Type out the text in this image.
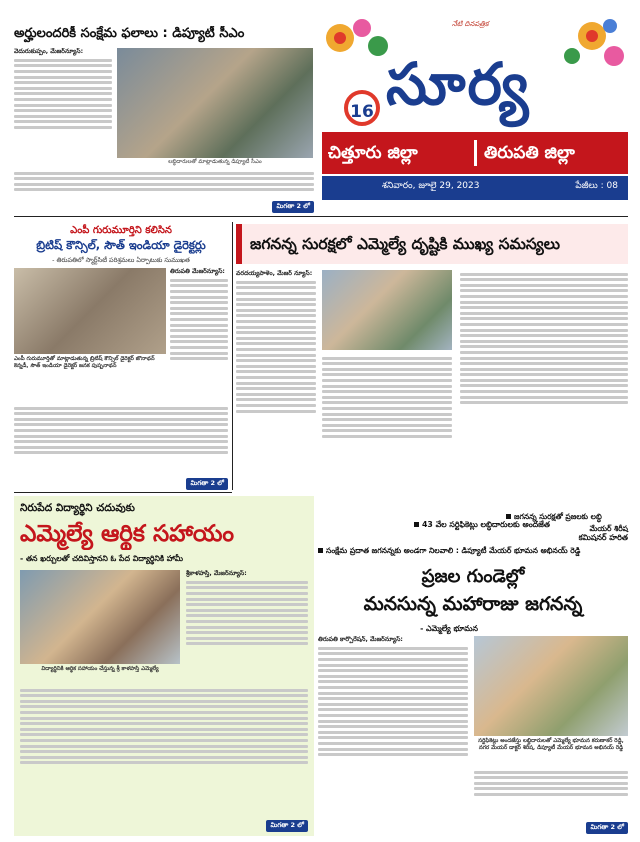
అర్హులందరికీ సంక్షేమ ఫలాలు : డిప్యూటీ సీఎం
వెదురుకుప్పం, మేజర్‌న్యూస్‌:
లబ్ధిదారులతో మాట్లాడుతున్న డిప్యూటీ సీఎం
మిగతా 2 లో
నేటి దినపత్రిక
16 సూర్య
చిత్తూరు జిల్లా	తిరుపతి జిల్లా
శనివారం, జూలై 29, 2023	పేజీలు : 08
ఎంపీ గురుమూర్తిని కలిసిన
బ్రిటిష్ కౌన్సిల్, సౌత్ ఇండియా డైరెక్టర్లు
- తిరుపతిలో స్మార్ట్‌సిటీ పరిశ్రమలు ఏర్పాటుకు సుముఖత
తిరుపతి మేజర్‌న్యూస్‌:
ఎంపీ గురుమూర్తితో మాట్లాడుతున్న బ్రిటిష్ కౌన్సిల్ డైరెక్టర్ జొనాథన్ కెన్నడీ, సౌత్ ఇండియా డైరెక్టర్ జనక పుష్పనాథన్
మిగతా 2 లో
జగనన్న సురక్షలో ఎమ్మెల్యే దృష్టికి ముఖ్య సమస్యలు
వరదయ్యపాళెం, మేజర్ న్యూస్:
జగనన్న సురక్షతో ప్రజలకు లబ్ధి
మేయర్ శిరీష
43 వేల సర్టిఫికెట్లు లబ్ధిదారులకు అందజేత
కమిషనర్ హరిత
నిరుపేద విద్యార్థిని చదువుకు
ఎమ్మెల్యే ఆర్థిక సహాయం
- తన ఖర్చులతో చదివిస్తానని ఓ పేద విద్యార్థినికి హామీ
విద్యార్థినికి ఆర్థిక సహాయం చేస్తున్న శ్రీ కాళహస్తి ఎమ్మెల్యే
శ్రీకాళహస్తి, మేజర్‌న్యూస్:
మిగతా 2 లో
సంక్షేమ ప్రదాత జగనన్నకు అండగా నిలవాలి : డిప్యూటీ మేయర్ భూమన అభినయ్ రెడ్డి
ప్రజల గుండెల్లో
మనసున్న మహారాజు జగనన్న
- ఎమ్మెల్యే భూమన
తిరుపతి కార్పొరేషన్, మేజర్‌న్యూస్:
సర్టిఫికెట్లు అందజేస్తు లబ్ధిదారులతో ఎమ్మెల్యే భూమన కరుణాకర్ రెడ్డి, నగర మేయర్ డాక్టర్ శిరీష, డిప్యూటీ మేయర్ భూమన అభినయ్ రెడ్డి
మిగతా 2 లో
